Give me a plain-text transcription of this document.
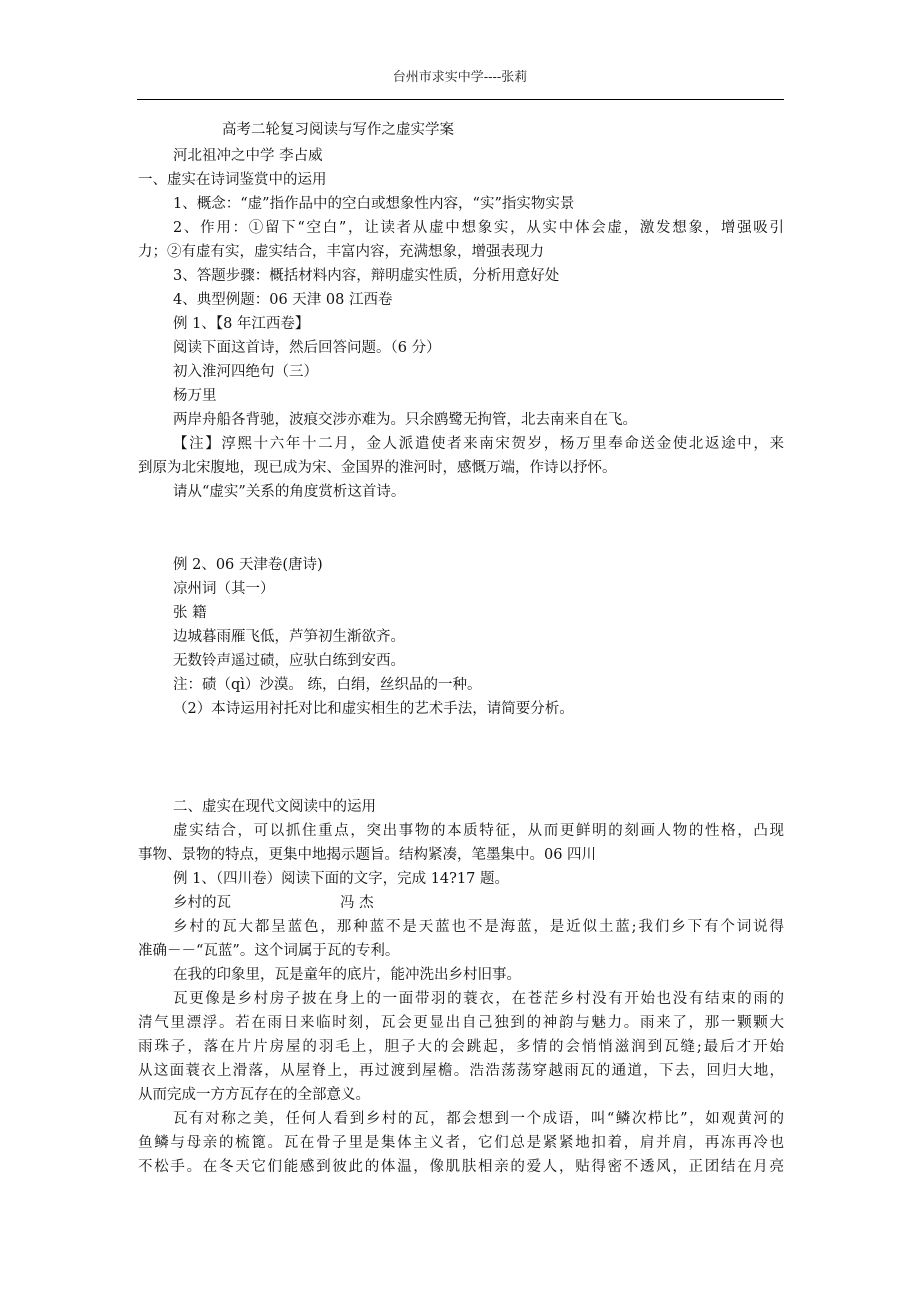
台州市求实中学----张莉
高考二轮复习阅读与写作之虚实学案
河北祖冲之中学 李占威
一、虚实在诗词鉴赏中的运用
1、概念：“虚”指作品中的空白或想象性内容，“实”指实物实景
2、作用：①留下“空白”，让读者从虚中想象实，从实中体会虚，激发想象，增强吸引
力；②有虚有实，虚实结合，丰富内容，充满想象，增强表现力
3、答题步骤：概括材料内容，辩明虚实性质，分析用意好处
4、典型例题：06 天津 08 江西卷
例 1、【8 年江西卷】
阅读下面这首诗，然后回答问题。（6 分）
初入淮河四绝句（三）
杨万里
两岸舟船各背驰，波痕交涉亦难为。只余鸥鹭无拘管，北去南来自在飞。
【注】淳熙十六年十二月，金人派遣使者来南宋贺岁，杨万里奉命送金使北返途中，来
到原为北宋腹地，现已成为宋、金国界的淮河时，感慨万端，作诗以抒怀。
请从“虚实”关系的角度赏析这首诗。
例 2、06 天津卷(唐诗)
凉州词（其一）
张 籍
边城暮雨雁飞低，芦笋初生渐欲齐。
无数铃声遥过碛，应驮白练到安西。
注：碛（qì）沙漠。 练，白绢，丝织品的一种。
（2）本诗运用衬托对比和虚实相生的艺术手法，请简要分析。
二、虚实在现代文阅读中的运用
虚实结合，可以抓住重点，突出事物的本质特征，从而更鲜明的刻画人物的性格，凸现
事物、景物的特点，更集中地揭示题旨。结构紧凑，笔墨集中。06 四川
例 1、（四川卷）阅读下面的文字，完成 14?17 题。
乡村的瓦	冯 杰
乡村的瓦大都呈蓝色，那种蓝不是天蓝也不是海蓝，是近似土蓝;我们乡下有个词说得
准确－－“瓦蓝”。这个词属于瓦的专利。
在我的印象里，瓦是童年的底片，能冲洗出乡村旧事。
瓦更像是乡村房子披在身上的一面带羽的蓑衣，在苍茫乡村没有开始也没有结束的雨的
清气里漂浮。若在雨日来临时刻，瓦会更显出自己独到的神韵与魅力。雨来了，那一颗颗大
雨珠子，落在片片房屋的羽毛上，胆子大的会跳起，多情的会悄悄滋润到瓦缝;最后才开始
从这面蓑衣上滑落，从屋脊上，再过渡到屋檐。浩浩荡荡穿越雨瓦的通道，下去，回归大地，
从而完成一方方瓦存在的全部意义。
瓦有对称之美，任何人看到乡村的瓦，都会想到一个成语，叫“鳞次栉比”，如观黄河的
鱼鳞与母亲的梳篦。瓦在骨子里是集体主义者，它们总是紧紧地扣着，肩并肩，再冻再冷也
不松手。在冬天它们能感到彼此的体温，像肌肤相亲的爱人，贴得密不透风，正团结在月亮
